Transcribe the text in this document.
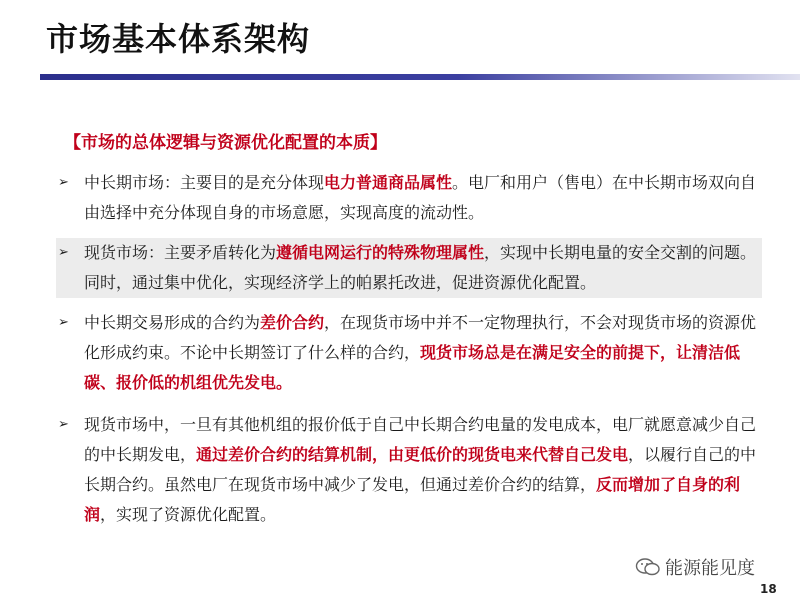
市场基本体系架构
【市场的总体逻辑与资源优化配置的本质】
➢ 中长期市场：主要目的是充分体现电力普通商品属性。电厂和用户（售电）在中长期市场双向自由选择中充分体现自身的市场意愿，实现高度的流动性。
➢ 现货市场：主要矛盾转化为遵循电网运行的特殊物理属性，实现中长期电量的安全交割的问题。同时，通过集中优化，实现经济学上的帕累托改进，促进资源优化配置。
➢ 中长期交易形成的合约为差价合约，在现货市场中并不一定物理执行，不会对现货市场的资源优化形成约束。不论中长期签订了什么样的合约，现货市场总是在满足安全的前提下，让清洁低碳、报价低的机组优先发电。
➢ 现货市场中，一旦有其他机组的报价低于自己中长期合约电量的发电成本，电厂就愿意减少自己的中长期发电，通过差价合约的结算机制，由更低价的现货电来代替自己发电，以履行自己的中长期合约。虽然电厂在现货市场中减少了发电，但通过差价合约的结算，反而增加了自身的利润，实现了资源优化配置。
能源能见度
18
